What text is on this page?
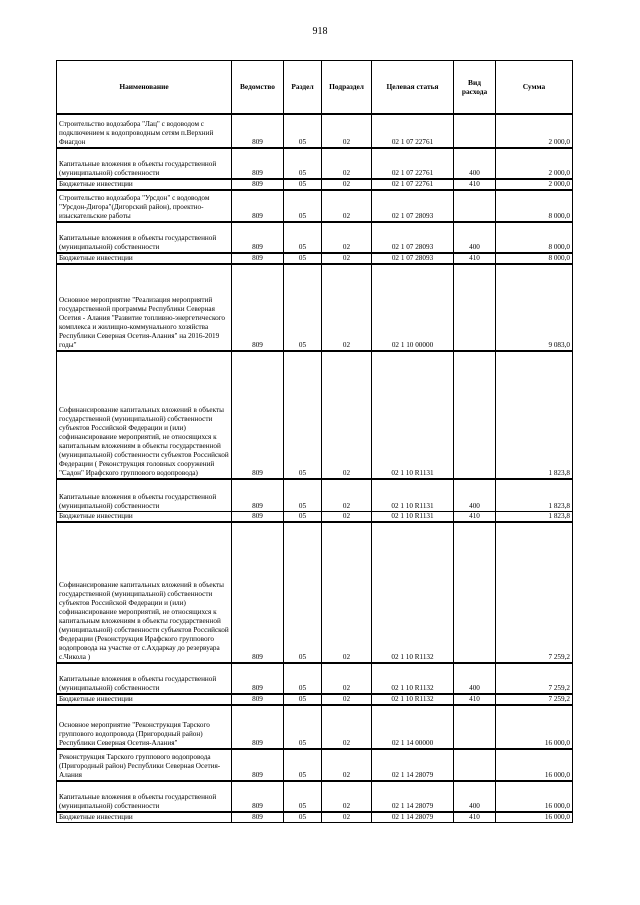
918
Наименование	Ведомство	Раздел	Подраздел	Целевая статья	Вид расхода	Сумма
Строительство водозабора "Лац" с водоводом с подключением к водопроводным сетям п.Верхний Фиагдон	809	05	02	02 1 07 22761		2 000,0
Капитальные вложения в объекты государственной (муниципальной) собственности	809	05	02	02 1 07 22761	400	2 000,0
Бюджетные инвестиции	809	05	02	02 1 07 22761	410	2 000,0
Строительство водозабора "Урсдон" с водоводом "Урсдон-Дигора"(Дигорский район), проектно-изыскательские работы	809	05	02	02 1 07 28093		8 000,0
Капитальные вложения в объекты государственной (муниципальной) собственности	809	05	02	02 1 07 28093	400	8 000,0
Бюджетные инвестиции	809	05	02	02 1 07 28093	410	8 000,0
Основное мероприятие "Реализация мероприятий государственной программы Республики Северная Осетия - Алания "Развитие топливно-энергетического комплекса и жилищно-коммунального хозяйства Республики Северная Осетия-Алания" на 2016-2019 годы"	809	05	02	02 1 10 00000		9 083,0
Софинансирование капитальных вложений в объекты государственной (муниципальной) собственности субъектов Российской Федерации и (или) софинансирование мероприятий, не относящихся к капитальным вложениям в объекты государственной (муниципальной) собственности субъектов Российской Федерации ( Реконструкция головных сооружений "Садон" Ирафского группового водопровода)	809	05	02	02 1 10 R1131		1 823,8
Капитальные вложения в объекты государственной (муниципальной) собственности	809	05	02	02 1 10 R1131	400	1 823,8
Бюджетные инвестиции	809	05	02	02 1 10 R1131	410	1 823,8
Софинансирование капитальных вложений в объекты государственной (муниципальной) собственности субъектов Российской Федерации и (или) софинансирование мероприятий, не относящихся к капитальным вложениям в объекты государственной (муниципальной) собственности субъектов Российской Федерации (Реконструкция Ирафского группового водопровода на участке от с.Ахдаркау до резервуара с.Чикола )	809	05	02	02 1 10 R1132		7 259,2
Капитальные вложения в объекты государственной (муниципальной) собственности	809	05	02	02 1 10 R1132	400	7 259,2
Бюджетные инвестиции	809	05	02	02 1 10 R1132	410	7 259,2
Основное мероприятие "Реконструкция Тарского группового водопровода (Пригородный район) Республики Северная Осетия-Алания"	809	05	02	02 1 14 00000		16 000,0
Реконструкция Тарского группового водопровода (Пригородный район) Республики Северная Осетия-Алания	809	05	02	02 1 14 28079		16 000,0
Капитальные вложения в объекты государственной (муниципальной) собственности	809	05	02	02 1 14 28079	400	16 000,0
Бюджетные инвестиции	809	05	02	02 1 14 28079	410	16 000,0
